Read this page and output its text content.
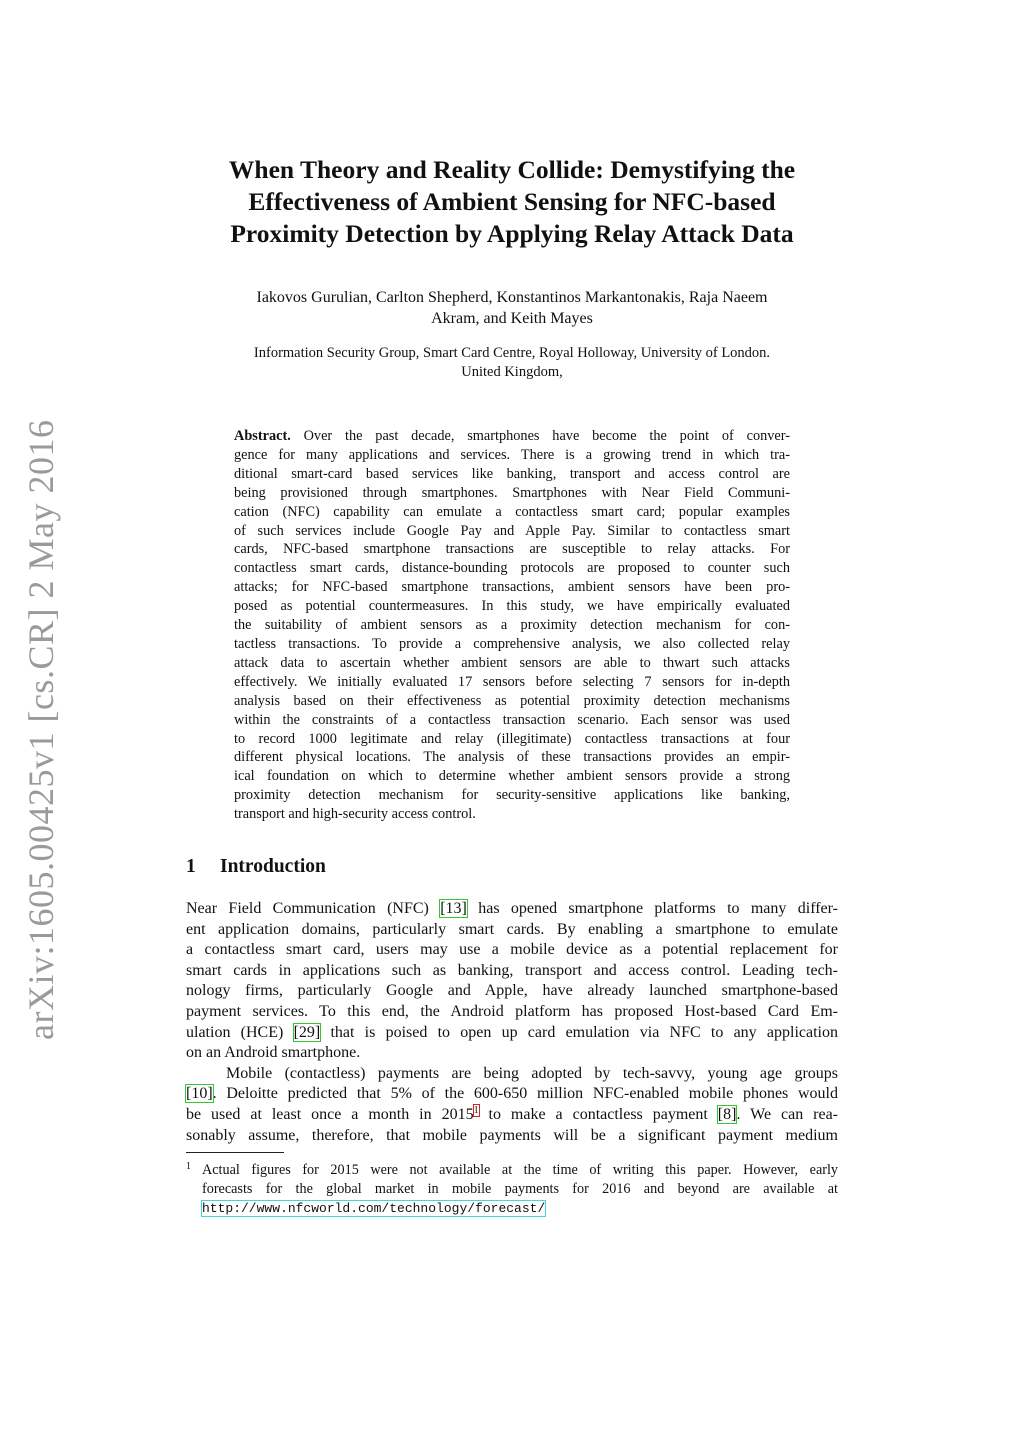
arXiv:1605.00425v1 [cs.CR] 2 May 2016
When Theory and Reality Collide: Demystifying the
Effectiveness of Ambient Sensing for NFC-based
Proximity Detection by Applying Relay Attack Data
Iakovos Gurulian, Carlton Shepherd, Konstantinos Markantonakis, Raja Naeem
Akram, and Keith Mayes
Information Security Group, Smart Card Centre, Royal Holloway, University of London.
United Kingdom,
Abstract. Over the past decade, smartphones have become the point of conver-
gence for many applications and services. There is a growing trend in which tra-
ditional smart-card based services like banking, transport and access control are
being provisioned through smartphones. Smartphones with Near Field Communi-
cation (NFC) capability can emulate a contactless smart card; popular examples
of such services include Google Pay and Apple Pay. Similar to contactless smart
cards, NFC-based smartphone transactions are susceptible to relay attacks. For
contactless smart cards, distance-bounding protocols are proposed to counter such
attacks; for NFC-based smartphone transactions, ambient sensors have been pro-
posed as potential countermeasures. In this study, we have empirically evaluated
the suitability of ambient sensors as a proximity detection mechanism for con-
tactless transactions. To provide a comprehensive analysis, we also collected relay
attack data to ascertain whether ambient sensors are able to thwart such attacks
effectively. We initially evaluated 17 sensors before selecting 7 sensors for in-depth
analysis based on their effectiveness as potential proximity detection mechanisms
within the constraints of a contactless transaction scenario. Each sensor was used
to record 1000 legitimate and relay (illegitimate) contactless transactions at four
different physical locations. The analysis of these transactions provides an empir-
ical foundation on which to determine whether ambient sensors provide a strong
proximity detection mechanism for security-sensitive applications like banking,
transport and high-security access control.
1 Introduction
Near Field Communication (NFC) [13] has opened smartphone platforms to many differ-
ent application domains, particularly smart cards. By enabling a smartphone to emulate
a contactless smart card, users may use a mobile device as a potential replacement for
smart cards in applications such as banking, transport and access control. Leading tech-
nology firms, particularly Google and Apple, have already launched smartphone-based
payment services. To this end, the Android platform has proposed Host-based Card Em-
ulation (HCE) [29] that is poised to open up card emulation via NFC to any application
on an Android smartphone.
Mobile (contactless) payments are being adopted by tech-savvy, young age groups
[10]. Deloitte predicted that 5% of the 600-650 million NFC-enabled mobile phones would
be used at least once a month in 2015$^1$ to make a contactless payment [8]. We can rea-
sonably assume, therefore, that mobile payments will be a significant payment medium
1 Actual figures for 2015 were not available at the time of writing this paper. However, early
forecasts for the global market in mobile payments for 2016 and beyond are available at
http://www.nfcworld.com/technology/forecast/
